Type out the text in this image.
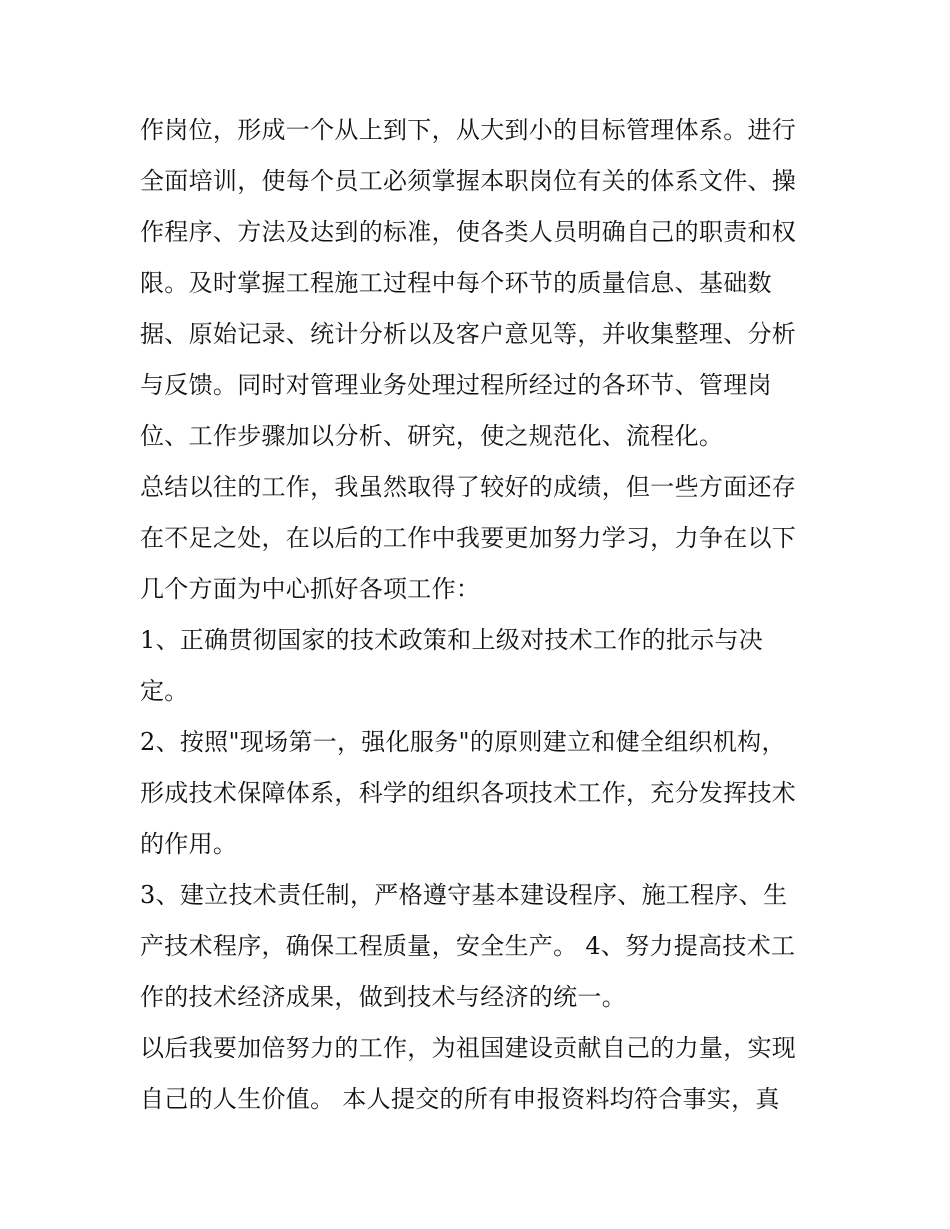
作岗位，形成一个从上到下，从大到小的目标管理体系。进行
全面培训，使每个员工必须掌握本职岗位有关的体系文件、操
作程序、方法及达到的标准，使各类人员明确自己的职责和权
限。及时掌握工程施工过程中每个环节的质量信息、基础数
据、原始记录、统计分析以及客户意见等，并收集整理、分析
与反馈。同时对管理业务处理过程所经过的各环节、管理岗
位、工作步骤加以分析、研究，使之规范化、流程化。
总结以往的工作，我虽然取得了较好的成绩，但一些方面还存
在不足之处，在以后的工作中我要更加努力学习，力争在以下
几个方面为中心抓好各项工作：
1、正确贯彻国家的技术政策和上级对技术工作的批示与决
定。
2、按照"现场第一，强化服务"的原则建立和健全组织机构，
形成技术保障体系，科学的组织各项技术工作，充分发挥技术
的作用。
3、建立技术责任制，严格遵守基本建设程序、施工程序、生
产技术程序，确保工程质量，安全生产。 4、努力提高技术工
作的技术经济成果，做到技术与经济的统一。
以后我要加倍努力的工作，为祖国建设贡献自己的力量，实现
自己的人生价值。 本人提交的所有申报资料均符合事实，真
